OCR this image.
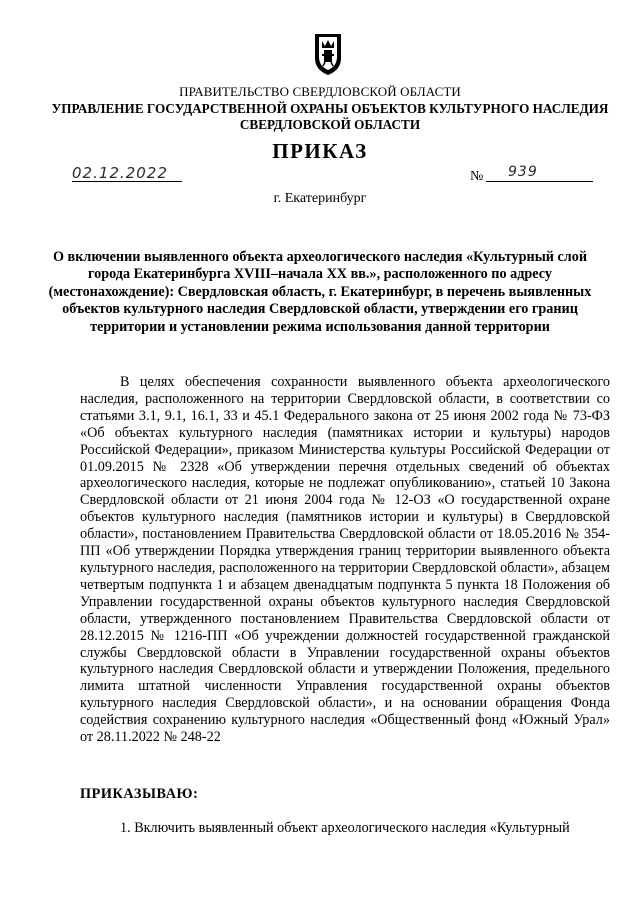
ПРАВИТЕЛЬСТВО СВЕРДЛОВСКОЙ ОБЛАСТИ
УПРАВЛЕНИЕ ГОСУДАРСТВЕННОЙ ОХРАНЫ ОБЪЕКТОВ КУЛЬТУРНОГО НАСЛЕДИЯ СВЕРДЛОВСКОЙ ОБЛАСТИ
ПРИКАЗ
02.12.2022	№ 939
г. Екатеринбург
О включении выявленного объекта археологического наследия «Культурный слой города Екатеринбурга XVIII–начала XX вв.», расположенного по адресу (местонахождение): Свердловская область, г. Екатеринбург, в перечень выявленных объектов культурного наследия Свердловской области, утверждении его границ территории и установлении режима использования данной территории

В целях обеспечения сохранности выявленного объекта археологического наследия, расположенного на территории Свердловской области, в соответствии со статьями 3.1, 9.1, 16.1, 33 и 45.1 Федерального закона от 25 июня 2002 года № 73-ФЗ «Об объектах культурного наследия (памятниках истории и культуры) народов Российской Федерации», приказом Министерства культуры Российской Федерации от 01.09.2015 № 2328 «Об утверждении перечня отдельных сведений об объектах археологического наследия, которые не подлежат опубликованию», статьей 10 Закона Свердловской области от 21 июня 2004 года № 12-ОЗ «О государственной охране объектов культурного наследия (памятников истории и культуры) в Свердловской области», постановлением Правительства Свердловской области от 18.05.2016 № 354-ПП «Об утверждении Порядка утверждения границ территории выявленного объекта культурного наследия, расположенного на территории Свердловской области», абзацем четвертым подпункта 1 и абзацем двенадцатым подпункта 5 пункта 18 Положения об Управлении государственной охраны объектов культурного наследия Свердловской области, утвержденного постановлением Правительства Свердловской области от 28.12.2015 № 1216-ПП «Об учреждении должностей государственной гражданской службы Свердловской области в Управлении государственной охраны объектов культурного наследия Свердловской области и утверждении Положения, предельного лимита штатной численности Управления государственной охраны объектов культурного наследия Свердловской области», и на основании обращения Фонда содействия сохранению культурного наследия «Общественный фонд «Южный Урал» от 28.11.2022 № 248-22

ПРИКАЗЫВАЮ:

1. Включить выявленный объект археологического наследия «Культурный
